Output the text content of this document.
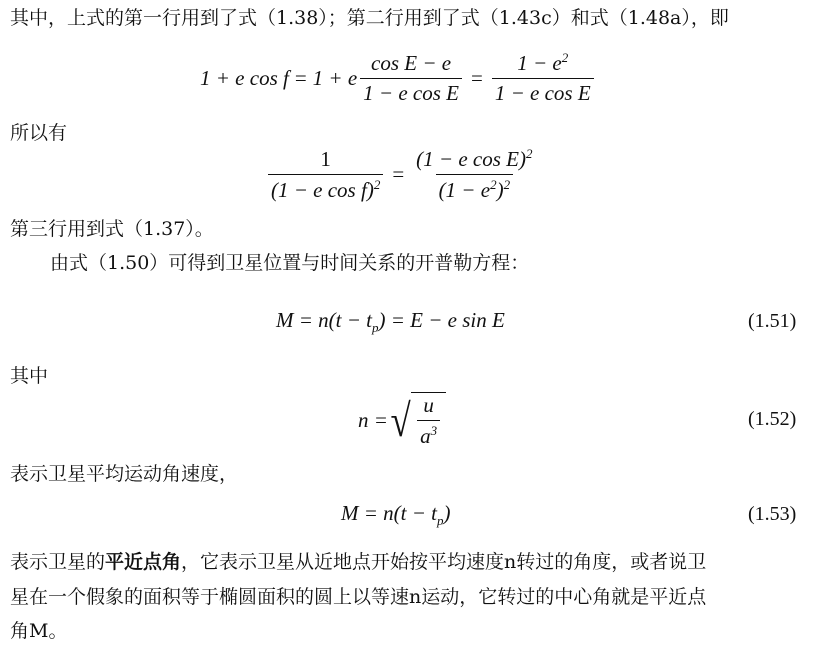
其中，上式的第一行用到了式（1.38）；第二行用到了式（1.43c）和式（1.48a），即
1 + e cos f = 1 + e $\frac{\text{cos E − e}}{\text{1 − e cos E}} = \frac{1 - e^2}{\text{1 − e cos E}}$
所以有
$\frac{1}{(1 - e \cos f)^2} = \frac{(1 - e \cos E)^2}{(1 - e^2)^2}$
第三行用到式（1.37）。
由式（1.50）可得到卫星位置与时间关系的开普勒方程：
$M = n(t - t_p) = E - e$ sin E	(1.51)
其中
n = √ $\frac{u}{a^3}$	(1.52)
表示卫星平均运动角速度，
$M = n(t - t_p)$	(1.53)
表示卫星的平近点角，它表示卫星从近地点开始按平均速度n转过的角度，或者说卫
星在一个假象的面积等于椭圆面积的圆上以等速n运动，它转过的中心角就是平近点
角M。
